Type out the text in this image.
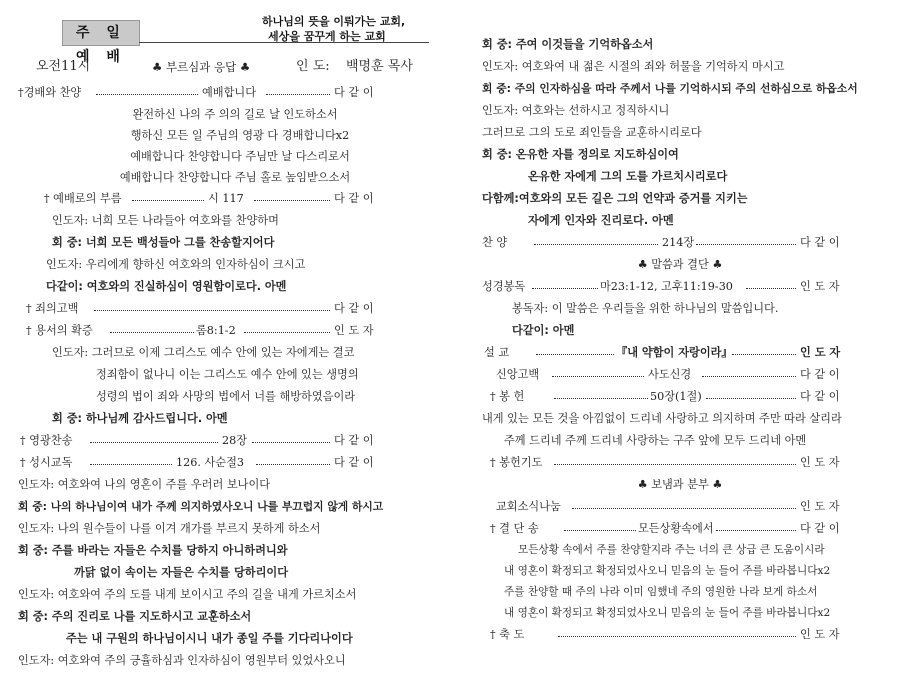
주 일 예 배
하나님의 뜻을 이뤄가는 교회,
세상을 꿈꾸게 하는 교회
오전11시	♣ 부르심과 응답 ♣	인 도: 백명훈 목사
†경배와 찬양	예배합니다	다 같 이
완전하신 나의 주 의의 길로 날 인도하소서
행하신 모든 일 주님의 영광 다 경배합니다x2
예배합니다 찬양합니다 주님만 날 다스리로서
예배합니다 찬양합니다 주님 홀로 높임받으소서
† 예배로의 부름	시 117	다 같 이
인도자: 너희 모든 나라들아 여호와를 찬양하며
회 중: 너희 모든 백성들아 그를 찬송할지어다
인도자: 우리에게 향하신 여호와의 인자하심이 크시고
다같이: 여호와의 진실하심이 영원함이로다. 아멘
† 죄의고백	다 같 이
† 용서의 확증	롬8:1-2	인 도 자
인도자: 그러므로 이제 그리스도 예수 안에 있는 자에게는 결코
정죄함이 없나니 이는 그리스도 예수 안에 있는 생명의
성령의 법이 죄와 사망의 법에서 너를 해방하였음이라
회 중: 하나님께 감사드립니다. 아멘
† 영광찬송	28장	다 같 이
† 성시교독	126. 사순절3	다 같 이
인도자: 여호와여 나의 영혼이 주를 우러러 보나이다
회 중: 나의 하나님이여 내가 주께 의지하였사오니 나를 부끄럽지 않게 하시고
인도자: 나의 원수들이 나를 이겨 개가를 부르지 못하게 하소서
회 중: 주를 바라는 자들은 수치를 당하지 아니하려니와
까닭 없이 속이는 자들은 수치를 당하리이다
인도자: 여호와여 주의 도를 내게 보이시고 주의 길을 내게 가르치소서
회 중: 주의 진리로 나를 지도하시고 교훈하소서
주는 내 구원의 하나님이시니 내가 종일 주를 기다리나이다
인도자: 여호와여 주의 긍휼하심과 인자하심이 영원부터 있었사오니
회 중: 주여 이것들을 기억하옵소서
인도자: 여호와여 내 젊은 시절의 죄와 허물을 기억하지 마시고
회 중: 주의 인자하심을 따라 주께서 나를 기억하시되 주의 선하심으로 하옵소서
인도자: 여호와는 선하시고 정직하시니
그러므로 그의 도로 죄인들을 교훈하시리로다
회 중: 온유한 자를 정의로 지도하심이여
온유한 자에게 그의 도를 가르치시리로다
다함께:여호와의 모든 길은 그의 언약과 증거를 지키는
자에게 인자와 진리로다. 아멘
찬 양	214장	다 같 이
♣ 말씀과 결단 ♣
성경봉독	마23:1-12, 고후11:19-30	인 도 자
봉독자: 이 말씀은 우리들을 위한 하나님의 말씀입니다.
다같이: 아멘
설 교	『내 약함이 자랑이라』	인 도 자
신앙고백	사도신경	다 같 이
† 봉 헌	50장(1절)	다 같 이
내게 있는 모든 것을 아낌없이 드리네 사랑하고 의지하며 주만 따라 살리라
주께 드리네 주께 드리네 사랑하는 구주 앞에 모두 드리네 아멘
† 봉헌기도	인 도 자
♣ 보냄과 분부 ♣
교회소식나눔	인 도 자
† 결 단 송	모든상황속에서	다 같 이
모든상황 속에서 주를 찬양할지라 주는 너의 큰 상급 큰 도움이시라
내 영혼이 확정되고 확정되었사오니 믿음의 눈 들어 주를 바라봅니다x2
주를 찬양할 때 주의 나라 이미 임했네 주의 영원한 나라 보게 하소서
내 영혼이 확정되고 확정되었사오니 믿음의 눈 들어 주를 바라봅니다x2
† 축 도	인 도 자
